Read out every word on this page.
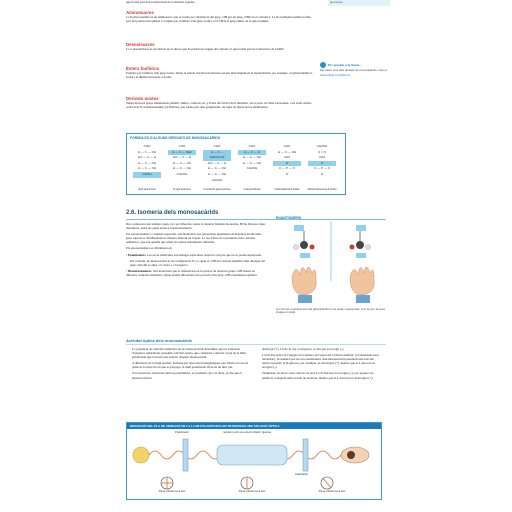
que forma part dels polisacàrids de la matèria vegetal...	gluconesa

Aminosucres

La D-glucosamina és un aminosucre que es forma per substitució del grup -OH per un grup -NH2 en el carboni 2. La N-acetilglucosamina forma part del polisacàrid quitina i s'origina per l'addició d'un grup acetil (-CO-CH3) al grup amino de la glucosamina.

Desoxisucres

La 2-desoxiribosa és un derivat de la ribosa que ha perdut un oxigen del carboni 2 i que forma part de l'estructura de l'ADN.

Èsters fosfòrics

Formats per l'addició d'un grup fosfat. Tenen la funció d'activar molècules perquè intervinguin en el metabolisme; per exemple, el gliceraldehid-3-fosfat i la dihidroxiacetona-3-fosfat.

Per ampliar a la Xarxa...

Per saber més dels derivats de monosacàrids, aneu a:

www.ccbbp.com/hdlq.es

Derivats mixtos

Tenen diversos grups substituents (amidil, amino, carboxil, etc.). Entre ells hi ha l'àcid murámic, de la paret cel·lular bacteriana, i els àcids siàlics, com l'àcid N-acetilneuramínic (ANANA), que forma part dels gangliòsids, un tipus de lípids de les membranes.

FÓRMULES D'ALGUNS DERIVATS DE MONOSACÀRIDS
CHO
H — C — OH
HO — C — H
H — C — OH
H — C — OH
COOH
Àcid glucurònic
CHO
H — C — NH2
HO — C — H
H — C — OH
H — C — OH
CH2OH
D-glucosamina
CHO
H — C — NHCOCH3
HO — C — H
H — C — OH
H — C — OH
CH2OH
N-acetil-D-glucosamina
CHO
H — C — H
H — C — OH
H — C — OH
CH2OH
2-desoxiribosa
CHO
H — C — OH
CH2
O
O — P — O
O
Gliceraldehid-3-fosfat
CH2OH
C = O
CH2
O
O — P — O
O
Dihidroxiacetona-3-fosfat
2.6. Isomeria dels monosacàrids

Dos compostos són isòmers quan, tot i ser diferents, tenen la mateixa fórmula molecular. Hi ha diversos tipus d'isomeria, entre les quals destaca l'estereoisomeria.

Els estereoisòmers, o isòmers espacials, són molècules que posseeixen igualment els mateixos àtoms units però aquests es distribueixen de manera diferent en l'espai. La raó d'això és la presència dels carbonis asimètrics, que són aquells que tenen els quatre substituents diferents.

Els estereoisòmers es divideixen en:

• Enantiòmers. Les seves molècules són imatges especulars respecte a un pla que no es poden superposar.

Per conveni, un monosacàrid és de configuració D o L quan el -OH del carboni asimètric més allunyat del grup carbonil se situa a la dreta o a l'esquerra.

• Diastereoisòmers. Són molècules que es diferencien en la posició de diversos grups -OH situats en diferents carbonis asimètrics. Quan només difereixen en la posició d'un grup -OH s'anomenen epímers.

ENANTIÒMERS

Les formes enantiòmeres del gliceraldehid no es poden superposar, com la mà i la seva imatge al mirall.

Activitat òptica dels monosacàrids

La presència de carbonis asimètrics en els monosacàrids determina que les solucions d'aquestes substàncies presentin activitat òptica, que consisteix a desviar el pla de la llum polaritzada que travessa una solució d'aquest monosacàrid.

A diferència de la llum normal, formada per ones electromagnètiques que vibren en tots els plans de la direcció en què es propaga, la llum polaritzada vibra en un únic pla.

Si la desviació, mesurada amb un polarímetre, es produeix cap a la dreta, es diu que el monosacàrid és

dextrogir (+), i si ho fa cap a l'esquerra, es diu que és levogir (-).

L'activitat òptica té l'origen en la manera en l'espai del carboni asimètric (a l'anomenat estat tetraèdric), de manera que els dos enantiòmers d'un monosacàrid presenten una activitat òptica oposada: la D-glucosa, per exemple, és dextrogira (+), mentre que la L-glucosa és levogira (-).

Tanmateix, en altres casos això no és així. La D-fructosa és levogira (-), per aquesta raó també és coneguda amb el nom de levulosa, mentre que la L-fructosa és dextrogira (+).

DESVIACIÓ DEL PLA DE VIBRACIÓ DE LA LLUM POLARITZADA EN TRAVESSAR UNA SOLUCIÓ ÒPTICA
Polaritzador	recipient amb una solució d'àcid / glucosa
Analitzador
Pla de vibració de la llum	Pla de vibració de la llum	Pla de vibració de la llum
